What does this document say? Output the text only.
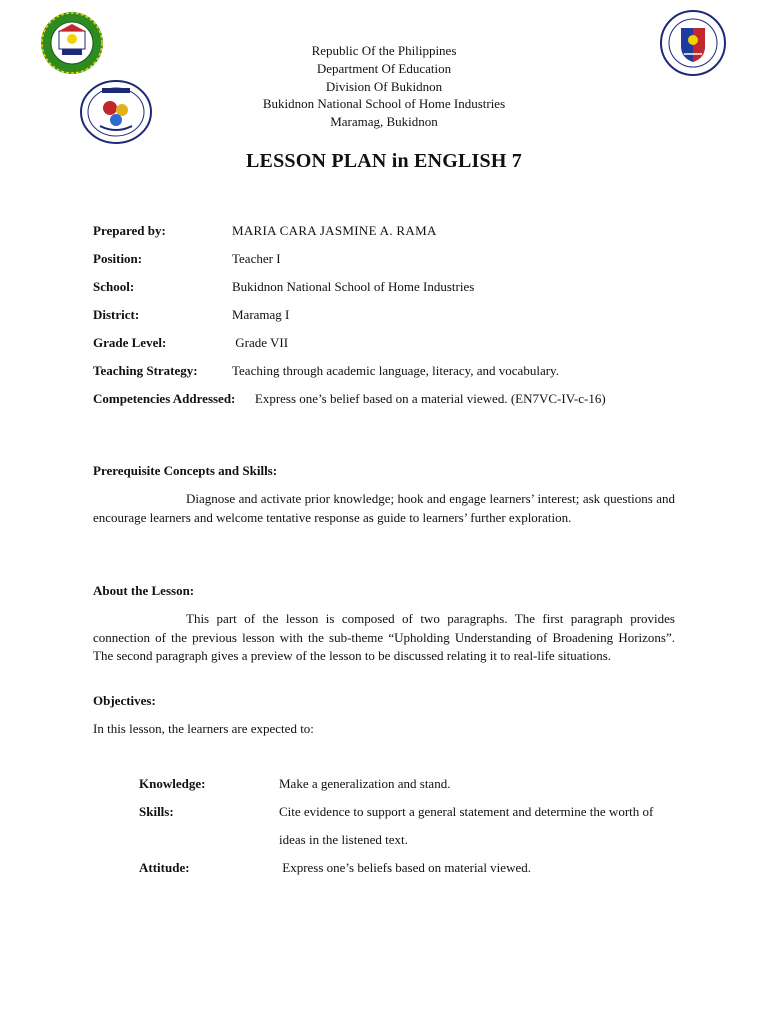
Republic Of the Philippines
Department Of Education
Division Of Bukidnon
Bukidnon National School of Home Industries
Maramag, Bukidnon
LESSON PLAN in ENGLISH 7
Prepared by:	MARIA CARA JASMINE A. RAMA
Position:	Teacher I
School:	Bukidnon National School of Home Industries
District:	Maramag I
Grade Level:	Grade VII
Teaching Strategy:	Teaching through academic language, literacy, and vocabulary.
Competencies Addressed: Express one’s belief based on a material viewed. (EN7VC-IV-c-16)
Prerequisite Concepts and Skills:

Diagnose and activate prior knowledge; hook and engage learners’ interest; ask questions and encourage learners and welcome tentative response as guide to learners’ further exploration.

About the Lesson:

This part of the lesson is composed of two paragraphs. The first paragraph provides connection of the previous lesson with the sub-theme “Upholding Understanding of Broadening Horizons”. The second paragraph gives a preview of the lesson to be discussed relating it to real-life situations.

Objectives:
In this lesson, the learners are expected to:
Knowledge:	Make a generalization and stand.
Skills:	Cite evidence to support a general statement and determine the worth of ideas in the listened text.
Attitude:	Express one’s beliefs based on material viewed.
